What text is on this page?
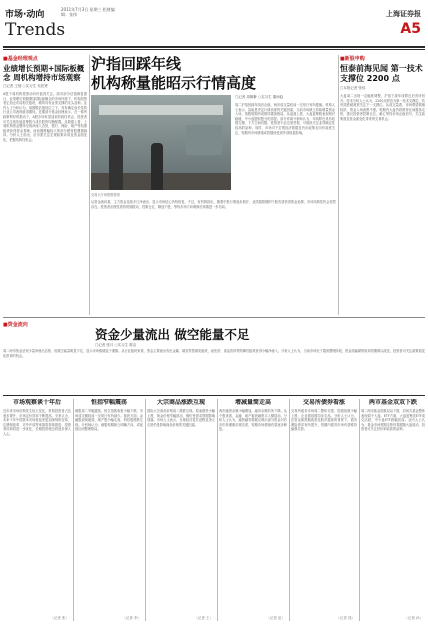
市场·动向
2011年7月3日 星期三 松财编辑：张伟
Trends
上海证券报
A5
■基金经理观点
业绩增长预期+国际板概念 周机构增持市场观察
□记者 王翔 ○实习生 吴桂贤
A股下周机构投资动向仍值得关注。面对部分估值修复窗口，业绩增长预期叠加国际板概念的市场环境下，机构投资者正加仓布局相关板块，增持具有业绩支撑的龙头品种。业内人士分析认为，周期股估值低位之下，具有确定成长性的行业公司表现值得期待。近期部分基金经理表示，在一系列政策利好的推动下，A股市场有望迎来阶段性机会，投资者可关注低估值蓝筹股与成长股的均衡配置。从数据上看，上周机构资金整体呈现净流入态势，银行、保险、地产等权重板块获得资金青睐，而前期涨幅较大的部分题材股遭遇减持。分析人士指出，后市需关注宏观政策动向及资金面变化，把握结构性机会。
沪指回踩年线
机构称量能昭示行情高度
交易大厅场景资料图
□记者 周翀翀 ○实习生 董雨骁
周二沪指回踩年线后企稳，两市成交量较前一交易日有所萎缩。机构人士表示，量能是决定行情高度的关键因素，当前市场缺乏持续增量资金入场，指数短期内或维持震荡格局。从盘面上看，大盘蓝筹股表现相对稳健，中小盘题材股分化明显。部分券商分析师认为，年线附近具有较强支撑，下方空间有限，投资者不必过度悲观，可逢低关注业绩确定性较高的品种。同时，市场对于宏观经济数据及货币政策走向仍高度关注，短期内市场情绪或将继续受到外部因素影响。
从资金流向看，主力资金连续多日净流出，显示市场信心仍待恢复。不过，有机构指出，随着中报行情逐步展开，业绩超预期的个股有望获得资金追捧，市场结构性机会依然存在。投资者应理性看待短期波动，控制仓位，精选个股，等待市场方向明朗后再做进一步布局。
■新股申购
恒泰前海见闻 第一技术支撑位 2200 点
□本报记者 张伟
大盘周二出现一定幅度调整，沪指下探年线附近后有所回升。技术分析人士认为，2200点附近为第一技术支撑位，若有效跌破则需关注下一支撑位。从成交量看，市场观望情绪较浓，资金入场意愿不强。短期内大盘仍将维持区间震荡走势，建议投资者控制仓位，耐心等待市场企稳信号，关注政策面及资金面变化带来的交易机会。
■资金流向
资金少量流出 做空能量不足
□记者 张月 ○实习生 陈洁
周二两市资金呈现少量净流出态势，但做空能量明显不足，显示市场情绪趋于谨慎。从行业板块来看，资金主要流出有色金属、煤炭等资源类板块，而医药、食品饮料等防御性板块获得小幅净流入。分析人士认为，当前市场处于震荡整理阶段，资金面偏紧的格局短期难以改变，投资者可关注政策面变化带来的机会。
市场观察谈十年后
近年来市场结构发生较大变化，机构投资者占比逐步提升，市场定价效率不断提高。专家认为，未来十年中国资本市场将迎来更加深刻的变革，注册制改革、对外开放等举措将持续推进，投资者结构将进一步优化，长期投资理念将逐步深入人心。
（记者 张）
恒指窄幅震荡
港股周二窄幅震荡，恒生指数收报小幅下跌。市场成交额较前一交易日有所减少。板块方面，金融股表现疲弱，地产股小幅走高，科技股涨跌互现。分析师认为，港股短期缺乏明确方向，或延续区间整理格局。
（记者 李）
大宗商品涨跌互现
国际大宗商品价格周二涨跌互现。原油期货小幅上涨，黄金价格窄幅波动，铜价受需求预期影响回落。市场人士表示，全球经济复苏进程及美元走势仍是影响商品价格的关键因素。
（记者 王）
增减量简走高
两市融资余额小幅增加，融券余额有所下降。从个股来看，金融、地产板块融资买入额居前。分析人士认为，融资融券数据反映出部分资金对后市仍持谨慎乐观态度，短期市场情绪有望逐步修复。
（记者 赵）
交易所债券看涨
交易所债券市场周二整体走强，国债指数小幅上涨，企业债指数同步走高。分析人士认为，在资金面预期改善及股市震荡的背景下，债市避险需求有所提升，短期内债券市场有望维持偏强走势。
（记者 钱）
两市基金双双下跌
周二两市基金指数双双下跌，封闭式基金整体表现弱于大盘。ETF方面，大盘蓝筹类ETF成交活跃，中小盘ETF跌幅居前。业内人士认为，基金市场短期走势仍将跟随大盘波动，投资者可关注折价率较高的品种。
（记者 孙）
